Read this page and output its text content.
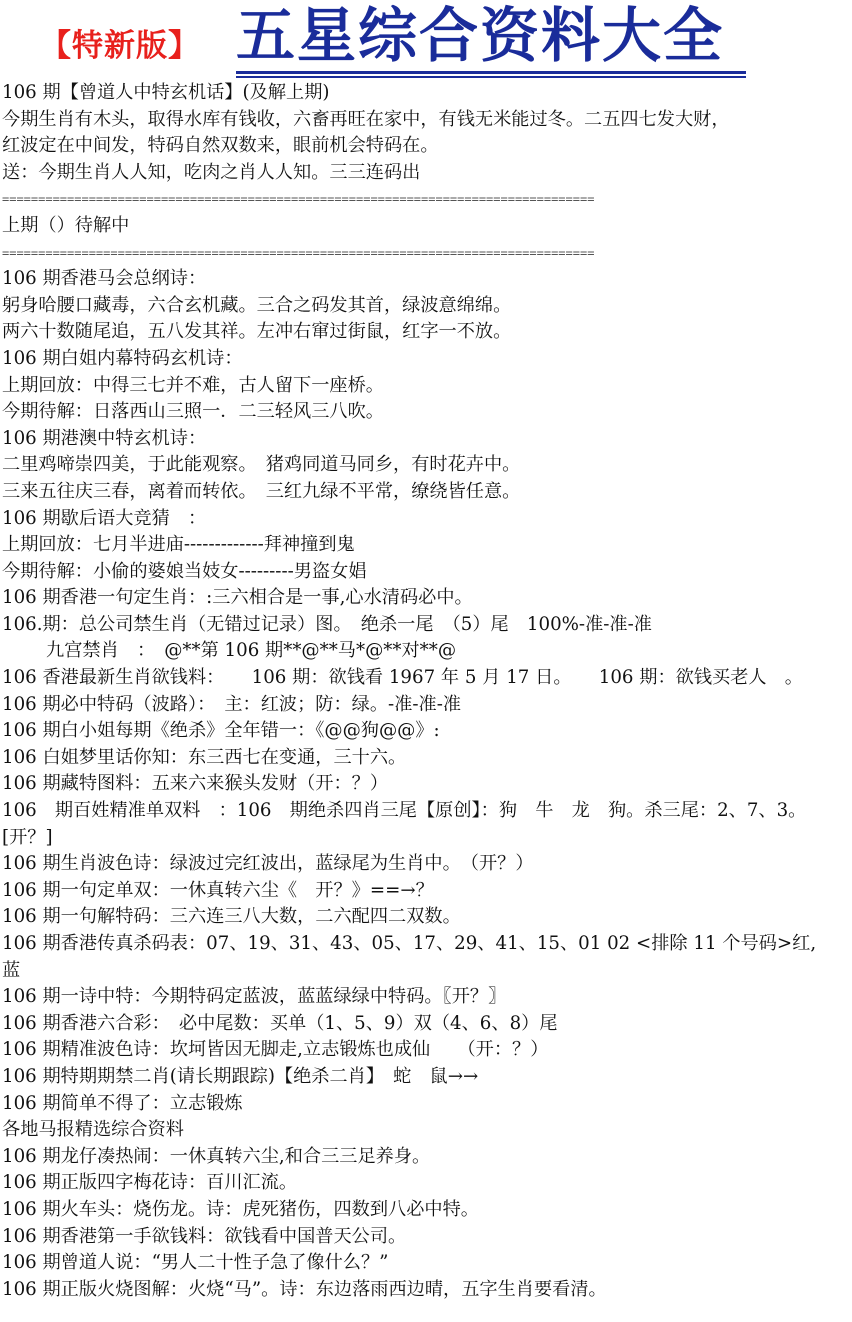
【特新版】 五星综合资料大全
106 期【曾道人中特玄机话】(及解上期)
今期生肖有木头，取得水库有钱收，六畜再旺在家中，有钱无米能过冬。二五四七发大财，
红波定在中间发，特码自然双数来，眼前机会特码在。
送：今期生肖人人知，吃肉之肖人人知。三三连码出
==================================================================================
上期（）待解中
==================================================================================
106 期香港马会总纲诗：
躬身哈腰口藏毒，六合玄机藏。三合之码发其首，绿波意绵绵。
两六十数随尾追，五八发其祥。左冲右窜过街鼠，红字一不放。
106 期白姐内幕特码玄机诗：
上期回放：中得三七并不难，古人留下一座桥。
今期待解：日落西山三照一．二三轻风三八吹。
106 期港澳中特玄机诗：
二里鸡啼崇四美，于此能观察。　猪鸡同道马同乡，有时花卉中。
三来五往庆三春，离着而转依。　三红九绿不平常，缭绕皆任意。
106 期歇后语大竞猜　：
上期回放：七月半进庙-------------拜神撞到鬼
今期待解：小偷的婆娘当妓女---------男盗女娼
106 期香港一句定生肖：:三六相合是一事,心水清码必中。
106.期：总公司禁生肖（无错过记录）图。　绝杀一尾　（5）尾　100%-准-准-准
九宫禁肖　：　@**第 106 期**@**马*@**对**@
106 香港最新生肖欲钱料：　　106 期：欲钱看 1967 年 5 月 17 日。　　106 期：欲钱买老人　。
106 期必中特码（波路）：　主：红波；防：绿。-准-准-准
106 期白小姐每期《绝杀》全年错一：《@@狗@@》:
106 白姐梦里话你知：东三西七在变通，三十六。
106 期藏特图料：五来六来猴头发财（开：？）
106　期百姓精准单双料　：106　期绝杀四肖三尾【原创】：狗　牛　龙　狗。杀三尾：2、7、3。
[开？]
106 期生肖波色诗：绿波过完红波出，蓝绿尾为生肖中。　（开？）
106 期一句定单双：一休真转六尘《　开？》==→？
106 期一句解特码：三六连三八大数，二六配四二双数。
106 期香港传真杀码表：07、19、31、43、05、17、29、41、15、01 02 <排除 11 个号码>红,
蓝
106 期一诗中特：今期特码定蓝波，蓝蓝绿绿中特码。〖开？〗
106 期香港六合彩：　必中尾数：买单（1、5、9）双（4、6、8）尾
106 期精准波色诗：坎坷皆因无脚走,立志锻炼也成仙　　（开：？）
106 期特期期禁二肖(请长期跟踪)【绝杀二肖】　蛇　鼠→→
106 期简单不得了：立志锻炼
各地马报精选综合资料
106 期龙仔凑热闹：一休真转六尘,和合三三足养身。
106 期正版四字梅花诗：百川汇流。
106 期火车头：烧伤龙。诗：虎死猪伤，四数到八必中特。
106 期香港第一手欲钱料：欲钱看中国普天公司。
106 期曾道人说：“男人二十性子急了像什么？”
106 期正版火烧图解：火烧“马”。诗：东边落雨西边晴，五字生肖要看清。
